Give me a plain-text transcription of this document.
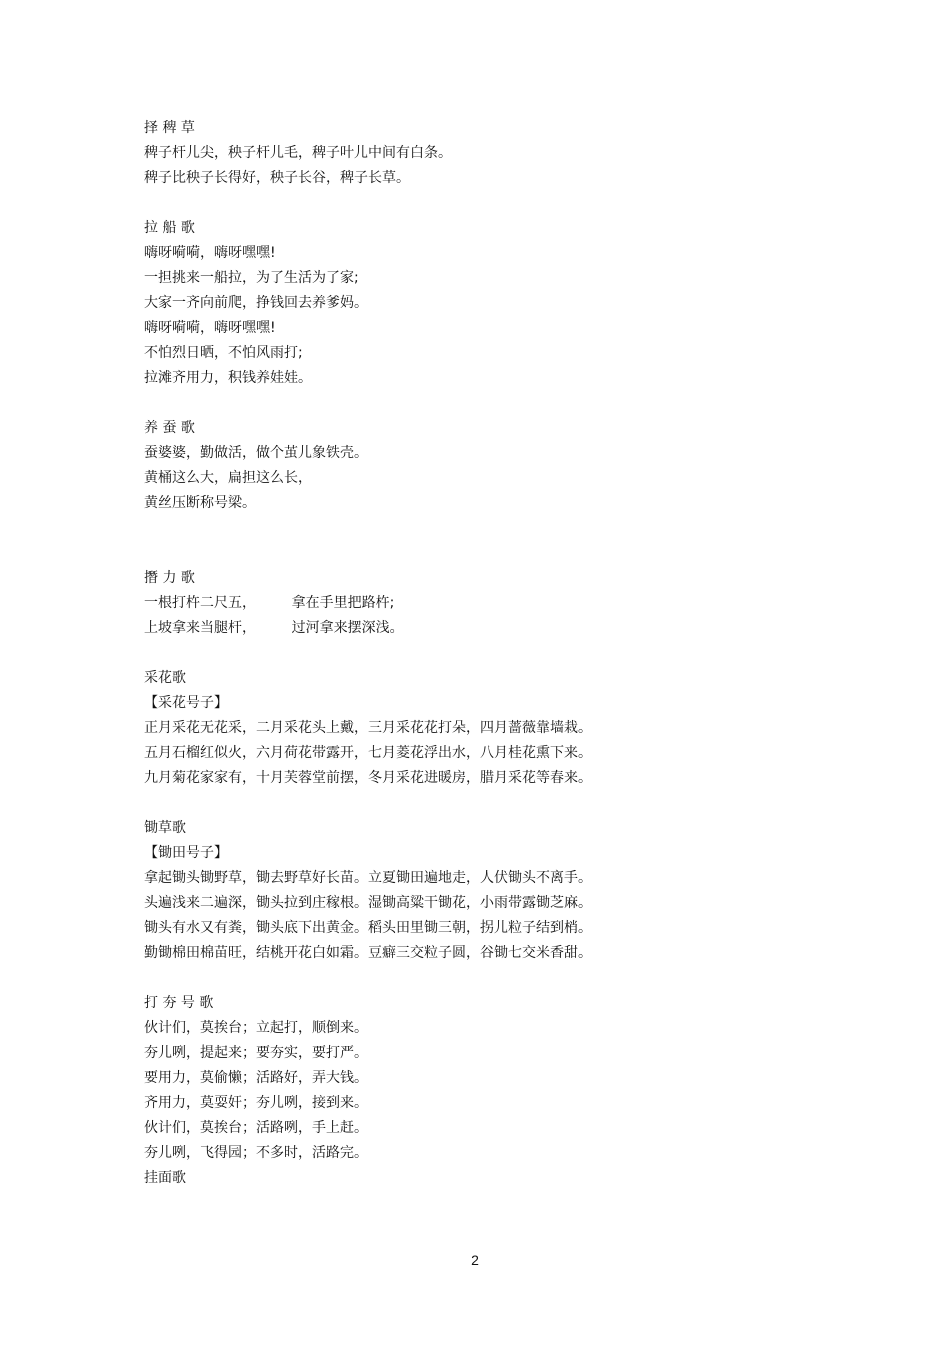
择 稗 草
稗子杆儿尖，秧子杆儿毛，稗子叶儿中间有白条。
稗子比秧子长得好，秧子长谷，稗子长草。
拉 船 歌
嗨呀嗬嗬，嗨呀嘿嘿!
一担挑来一船拉，为了生活为了家;
大家一齐向前爬，挣钱回去养爹妈。
嗨呀嗬嗬，嗨呀嘿嘿!
不怕烈日晒，不怕风雨打;
拉滩齐用力，积钱养娃娃。
养 蚕 歌
蚕婆婆，勤做活，做个茧儿象铁壳。
黄桶这么大，扁担这么长，
黄丝压断称号梁。
撍 力 歌
一根打杵二尺五，        拿在手里把路杵;
上坡拿来当腿杆，        过河拿来摆深浅。
采花歌
【采花号子】
正月采花无花采，二月采花头上戴，三月采花花打朵，四月蔷薇靠墙栽。
五月石榴红似火，六月荷花带露开，七月菱花浮出水，八月桂花熏下来。
九月菊花家家有，十月芙蓉堂前摆，冬月采花进暖房，腊月采花等春来。
锄草歌
【锄田号子】
拿起锄头锄野草，锄去野草好长苗。立夏锄田遍地走，人伏锄头不离手。
头遍浅来二遍深，锄头拉到庄稼根。湿锄高粱干锄花，小雨带露锄芝麻。
锄头有水又有粪，锄头底下出黄金。稻头田里锄三朝，拐儿粒子结到梢。
勤锄棉田棉苗旺，结桃开花白如霜。豆癖三交粒子圆，谷锄七交米香甜。
打 夯 号 歌
伙计们，莫挨台；立起打，顺倒来。
夯儿咧，提起来；要夯实，要打严。
要用力，莫偷懒；活路好，弄大钱。
齐用力，莫耍奸；夯儿咧，接到来。
伙计们，莫挨台；活路咧，手上赶。
夯儿咧，飞得园；不多时，活路完。
挂面歌
2
